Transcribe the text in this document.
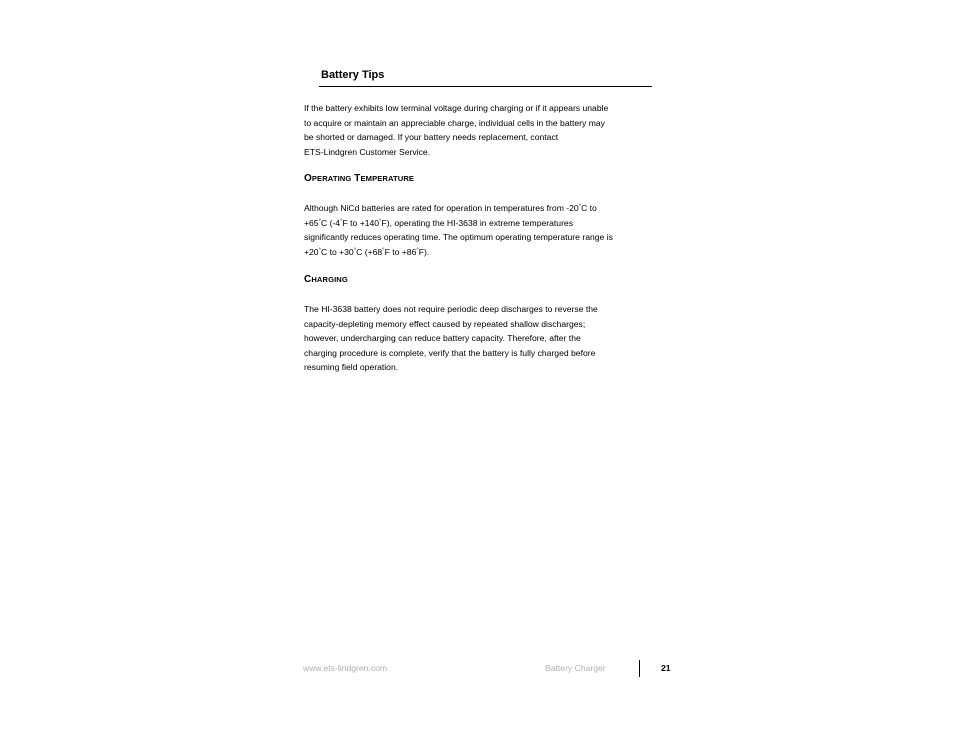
Battery Tips

If the battery exhibits low terminal voltage during charging or if it appears unable
to acquire or maintain an appreciable charge, individual cells in the battery may
be shorted or damaged. If your battery needs replacement, contact
ETS-Lindgren Customer Service.

OPERATING TEMPERATURE

Although NiCd batteries are rated for operation in temperatures from -20°C to
+65°C (-4°F to +140°F), operating the HI-3638 in extreme temperatures
significantly reduces operating time. The optimum operating temperature range is
+20°C to +30°C (+68°F to +86°F).

CHARGING

The HI-3638 battery does not require periodic deep discharges to reverse the
capacity-depleting memory effect caused by repeated shallow discharges;
however, undercharging can reduce battery capacity. Therefore, after the
charging procedure is complete, verify that the battery is fully charged before
resuming field operation.

www.ets-lindgren.com	Battery Charger	21
